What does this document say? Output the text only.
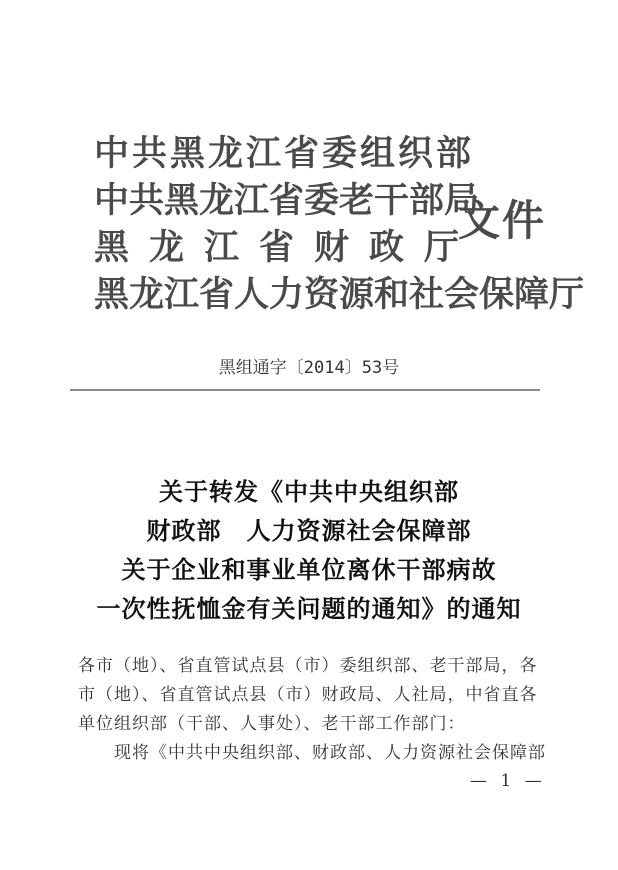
中共黑龙江省委组织部
中共黑龙江省委老干部局
黑龙江省财政厅
黑龙江省人力资源和社会保障厅
文件
黑组通字〔2014〕53号
关于转发《中共中央组织部
财政部　人力资源社会保障部
关于企业和事业单位离休干部病故
一次性抚恤金有关问题的通知》的通知
各市（地）、省直管试点县（市）委组织部、老干部局，各
市（地）、省直管试点县（市）财政局、人社局，中省直各
单位组织部（干部、人事处）、老干部工作部门：
现将《中共中央组织部、财政部、人力资源社会保障部
— 1 —
